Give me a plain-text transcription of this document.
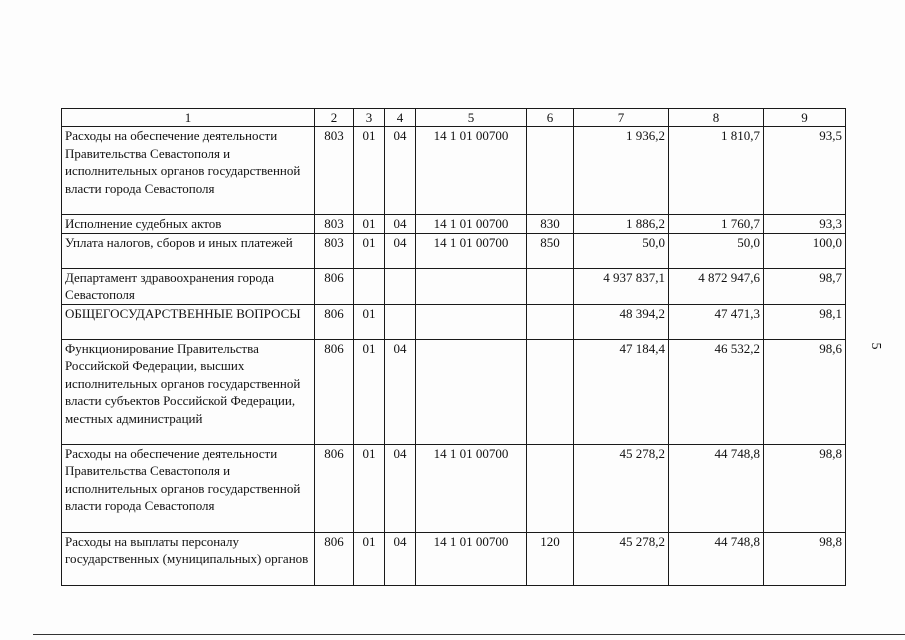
1	2	3	4	5	6	7	8	9
Расходы на обеспечение деятельности Правительства Севастополя и исполнительных органов государственной власти города Севастополя	803	01	04	14 1 01 00700		1 936,2	1 810,7	93,5
Исполнение судебных актов	803	01	04	14 1 01 00700	830	1 886,2	1 760,7	93,3
Уплата налогов, сборов и иных платежей	803	01	04	14 1 01 00700	850	50,0	50,0	100,0
Департамент здравоохранения города Севастополя	806					4 937 837,1	4 872 947,6	98,7
ОБЩЕГОСУДАРСТВЕННЫЕ ВОПРОСЫ	806	01				48 394,2	47 471,3	98,1
Функционирование Правительства Российской Федерации, высших исполнительных органов государственной власти субъектов Российской Федерации, местных администраций	806	01	04			47 184,4	46 532,2	98,6
Расходы на обеспечение деятельности Правительства Севастополя и исполнительных органов государственной власти города Севастополя	806	01	04	14 1 01 00700		45 278,2	44 748,8	98,8
Расходы на выплаты персоналу государственных (муниципальных) органов	806	01	04	14 1 01 00700	120	45 278,2	44 748,8	98,8
5
